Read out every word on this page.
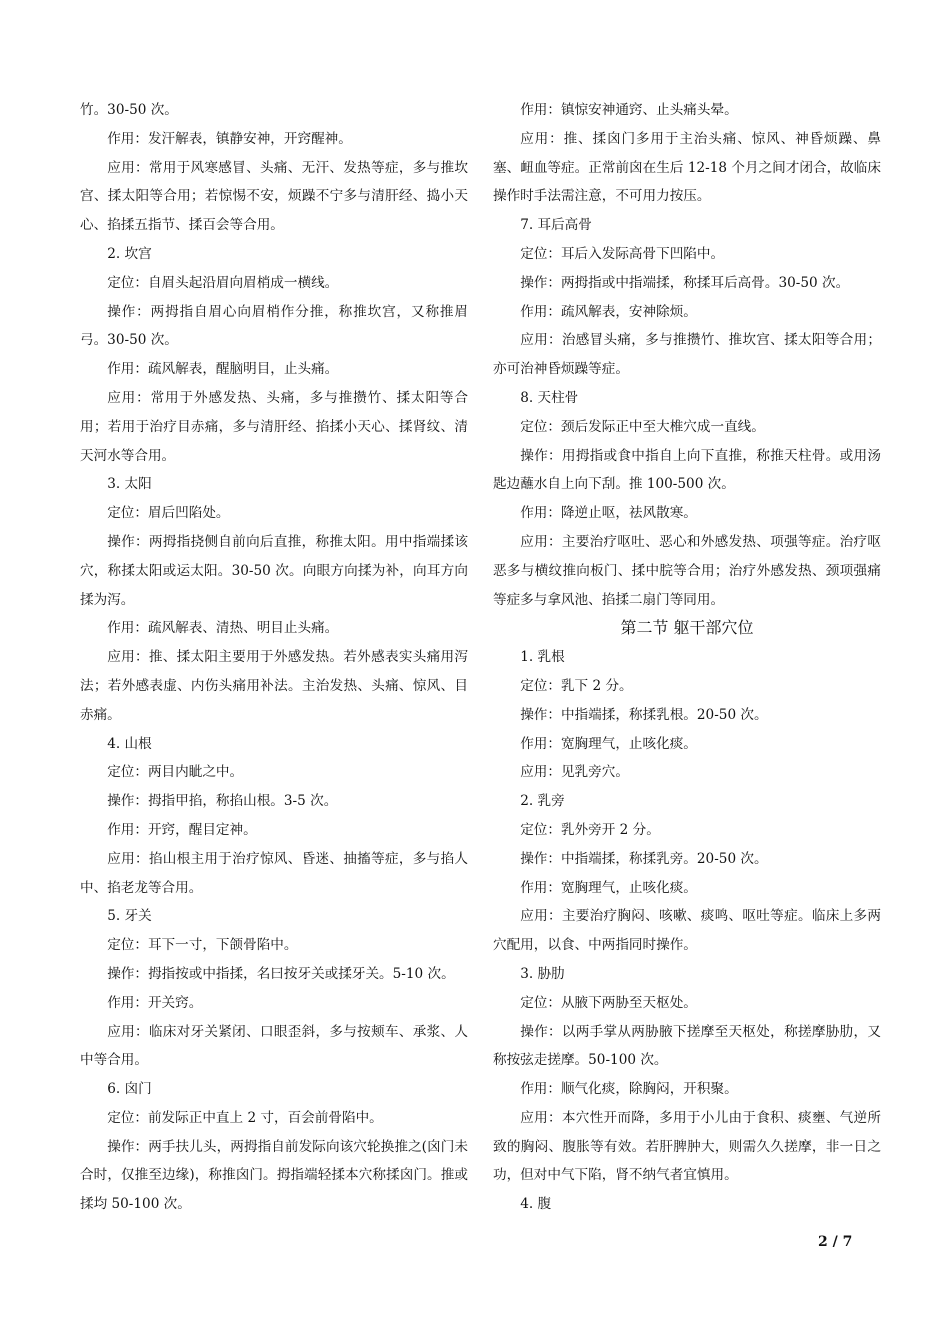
竹。30-50 次。

作用：发汗解表，镇静安神，开窍醒神。

应用：常用于风寒感冒、头痛、无汗、发热等症，多与推坎宫、揉太阳等合用；若惊惕不安，烦躁不宁多与清肝经、捣小天心、掐揉五指节、揉百会等合用。

2. 坎宫

定位：自眉头起沿眉向眉梢成一横线。

操作：两拇指自眉心向眉梢作分推，称推坎宫，又称推眉弓。30-50 次。

作用：疏风解表，醒脑明目，止头痛。

应用：常用于外感发热、头痛，多与推攒竹、揉太阳等合用；若用于治疗目赤痛，多与清肝经、掐揉小天心、揉肾纹、清天河水等合用。

3. 太阳

定位：眉后凹陷处。

操作：两拇指挠侧自前向后直推，称推太阳。用中指端揉该穴，称揉太阳或运太阳。30-50 次。向眼方向揉为补，向耳方向揉为泻。

作用：疏风解表、清热、明目止头痛。

应用：推、揉太阳主要用于外感发热。若外感表实头痛用泻法；若外感表虚、内伤头痛用补法。主治发热、头痛、惊风、目赤痛。

4. 山根

定位：两目内眦之中。

操作：拇指甲掐，称掐山根。3-5 次。

作用：开窍，醒目定神。

应用：掐山根主用于治疗惊风、昏迷、抽搐等症，多与掐人中、掐老龙等合用。

5. 牙关

定位：耳下一寸，下颌骨陷中。

操作：拇指按或中指揉，名曰按牙关或揉牙关。5-10 次。

作用：开关窍。

应用：临床对牙关紧闭、口眼歪斜，多与按颊车、承浆、人中等合用。

6. 囟门

定位：前发际正中直上 2 寸，百会前骨陷中。

操作：两手扶儿头，两拇指自前发际向该穴轮换推之(囟门未合时，仅推至边缘)，称推囟门。拇指端轻揉本穴称揉囟门。推或揉均 50-100 次。

作用：镇惊安神通窍、止头痛头晕。

应用：推、揉囟门多用于主治头痛、惊风、神昏烦躁、鼻塞、衄血等症。正常前囟在生后 12-18 个月之间才闭合，故临床操作时手法需注意，不可用力按压。

7. 耳后高骨

定位：耳后入发际高骨下凹陷中。

操作：两拇指或中指端揉，称揉耳后高骨。30-50 次。

作用：疏风解表，安神除烦。

应用：治感冒头痛，多与推攒竹、推坎宫、揉太阳等合用；亦可治神昏烦躁等症。

8. 天柱骨

定位：颈后发际正中至大椎穴成一直线。

操作：用拇指或食中指自上向下直推，称推天柱骨。或用汤匙边蘸水自上向下刮。推 100-500 次。

作用：降逆止呕，祛风散寒。

应用：主要治疗呕吐、恶心和外感发热、项强等症。治疗呕恶多与横纹推向板门、揉中脘等合用；治疗外感发热、颈项强痛等症多与拿风池、掐揉二扇门等同用。

第二节 躯干部穴位

1. 乳根

定位：乳下 2 分。

操作：中指端揉，称揉乳根。20-50 次。

作用：宽胸理气，止咳化痰。

应用：见乳旁穴。

2. 乳旁

定位：乳外旁开 2 分。

操作：中指端揉，称揉乳旁。20-50 次。

作用：宽胸理气，止咳化痰。

应用：主要治疗胸闷、咳嗽、痰鸣、呕吐等症。临床上多两穴配用，以食、中两指同时操作。

3. 胁肋

定位：从腋下两胁至天枢处。

操作：以两手掌从两胁腋下搓摩至天枢处，称搓摩胁肋，又称按弦走搓摩。50-100 次。

作用：顺气化痰，除胸闷，开积聚。

应用：本穴性开而降，多用于小儿由于食积、痰壅、气逆所致的胸闷、腹胀等有效。若肝脾肿大，则需久久搓摩，非一日之功，但对中气下陷，肾不纳气者宜慎用。

4. 腹

2 / 7
